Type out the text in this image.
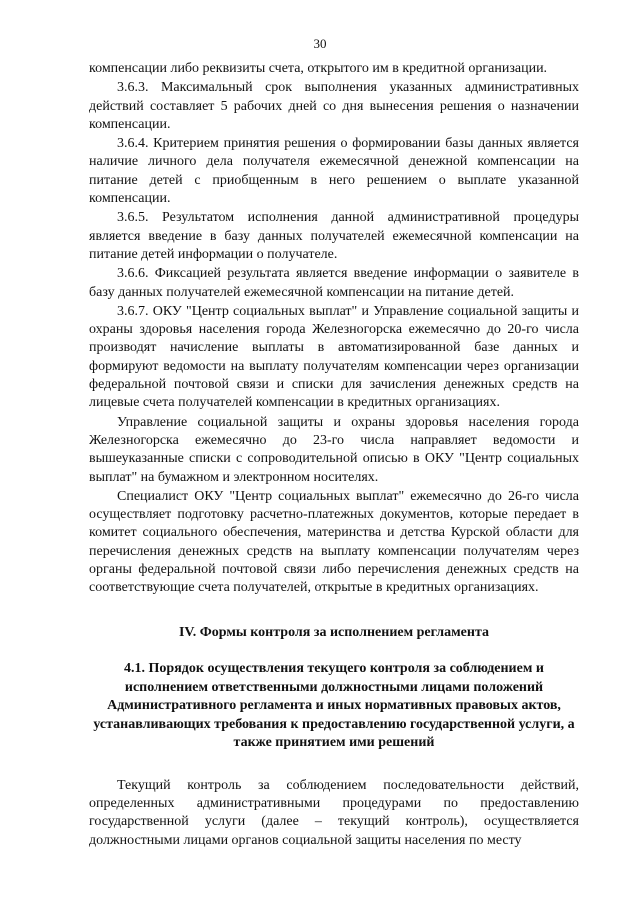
30

компенсации либо реквизиты счета, открытого им в кредитной организации.

3.6.3. Максимальный срок выполнения указанных административных действий составляет 5 рабочих дней со дня вынесения решения о назначении компенсации.

3.6.4. Критерием принятия решения о формировании базы данных является наличие личного дела получателя ежемесячной денежной компенсации на питание детей с приобщенным в него решением о выплате указанной компенсации.

3.6.5. Результатом исполнения данной административной процедуры является введение в базу данных получателей ежемесячной компенсации на питание детей информации о получателе.

3.6.6. Фиксацией результата является введение информации о заявителе в базу данных получателей ежемесячной компенсации на питание детей.

3.6.7. ОКУ "Центр социальных выплат" и Управление социальной защиты и охраны здоровья населения города Железногорска ежемесячно до 20-го числа производят начисление выплаты в автоматизированной базе данных и формируют ведомости на выплату получателям компенсации через организации федеральной почтовой связи и списки для зачисления денежных средств на лицевые счета получателей компенсации в кредитных организациях.

Управление социальной защиты и охраны здоровья населения города Железногорска ежемесячно до 23-го числа направляет ведомости и вышеуказанные списки с сопроводительной описью в ОКУ "Центр социальных выплат" на бумажном и электронном носителях.

Специалист ОКУ "Центр социальных выплат" ежемесячно до 26-го числа осуществляет подготовку расчетно-платежных документов, которые передает в комитет социального обеспечения, материнства и детства Курской области для перечисления денежных средств на выплату компенсации получателям через органы федеральной почтовой связи либо перечисления денежных средств на соответствующие счета получателей, открытые в кредитных организациях.

IV. Формы контроля за исполнением регламента
4.1. Порядок осуществления текущего контроля за соблюдением и исполнением ответственными должностными лицами положений Административного регламента и иных нормативных правовых актов, устанавливающих требования к предоставлению государственной услуги, а также принятием ими решений

Текущий контроль за соблюдением последовательности действий, определенных административными процедурами по предоставлению государственной услуги (далее – текущий контроль), осуществляется должностными лицами органов социальной защиты населения по месту
